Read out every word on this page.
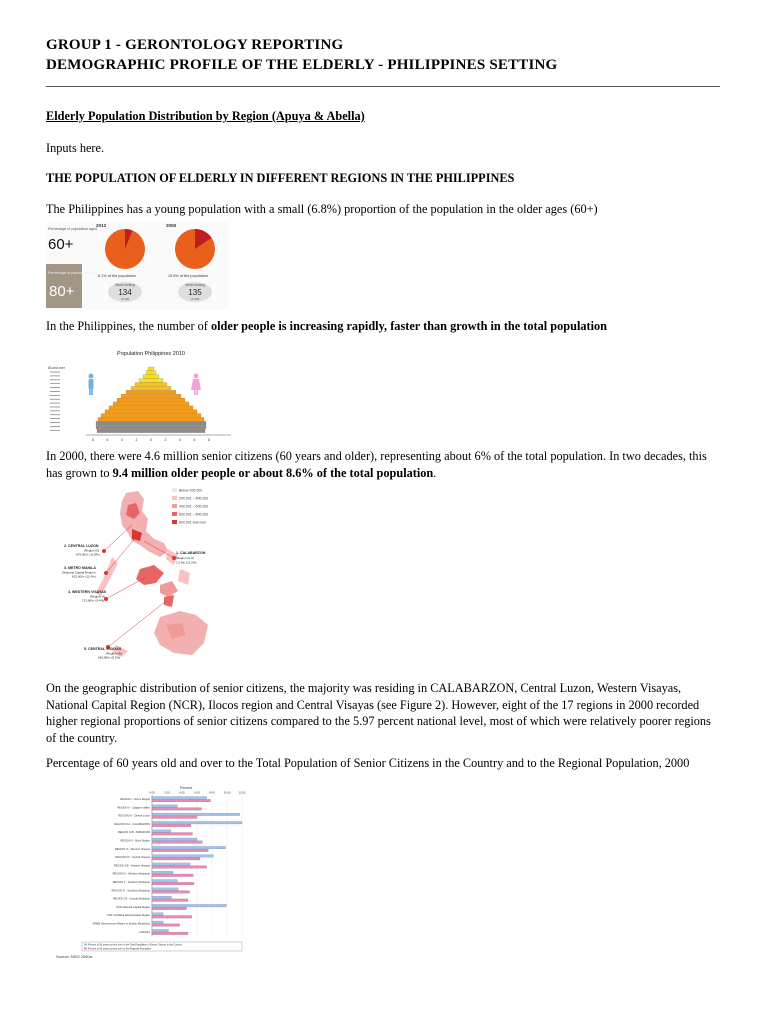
GROUP 1 - GERONTOLOGY REPORTING
DEMOGRAPHIC PROFILE OF THE ELDERLY - PHILIPPINES SETTING
Elderly Population Distribution by Region (Apuya & Abella)
Inputs here.
THE POPULATION OF ELDERLY IN DIFFERENT REGIONS IN THE PHILIPPINES
The Philippines has a young population with a small (6.8%) proportion of the population in the older ages (60+)
Percentage of population aged
60+
Percentage of population aged
80+
2012	2050
6.1% of the population	15.5% of the population
World ranking
134
of 195
World ranking
135
of 195
In the Philippines, the number of older people is increasing rapidly, faster than growth in the total population
Population Philippines 2010
80 and over
8	6	4	2	0	2	4	6	8
In 2000, there were 4.6 million senior citizens (60 years and older), representing about 6% of the total population. In two decades, this has grown to 9.4 million older people or about 8.6% of the total population.
Below 200,000
200,001 – 400,000
400,001 – 600,000
600,001 – 800,000
800,001 and over
2. CENTRAL LUZON
(Region III)
679,000+ (11.8%)
3. METRO MANILA
(National Capital Region)
615,000+ (11.0%)
4. WESTERN VISAYAS
(Region VI)
713,000+ (9.4%)
5. CENTRAL VISAYAS
(Region VII)
546,000+ (8.2%)
1. CALABARZON
(Region IV-A)
1.0 Mn (13.2%)
On the geographic distribution of senior citizens, the majority was residing in CALABARZON, Central Luzon, Western Visayas, National Capital Region (NCR), Ilocos region and Central Visayas (see Figure 2). However, eight of the 17 regions in 2000 recorded higher regional proportions of senior citizens compared to the 5.97 percent national level, most of which were relatively poorer regions of the country.
Percentage of 60 years old and over to the Total Population of Senior Citizens in the Country and to the Regional Population, 2000
Percent
0.00	2.00	4.00	6.00	8.00	10.00	12.00
REGION I - Ilocos Region
REGION II - Cagayan Valley
REGION III - Central Luzon
REGION IV-A - CALABARZON
REGION IV-B - MIMAROPA
REGION V - Bicol Region
REGION VI - Western Visayas
REGION VII - Central Visayas
REGION VIII - Eastern Visayas
REGION IX - Western Mindanao
REGION X - Northern Mindanao
REGION XI - Southern Mindanao
REGION XII - Central Mindanao
NCR National Capital Region
CAR Cordillera Administrative Region
ARMM (Autonomous Region in Muslim Mindanao)
CARAGA
Percent of 60 years old and over to the Total Population of Senior Citizens in the Country
Percent of 60 years old and over in the Regional Population
Source: NSO 2000a
